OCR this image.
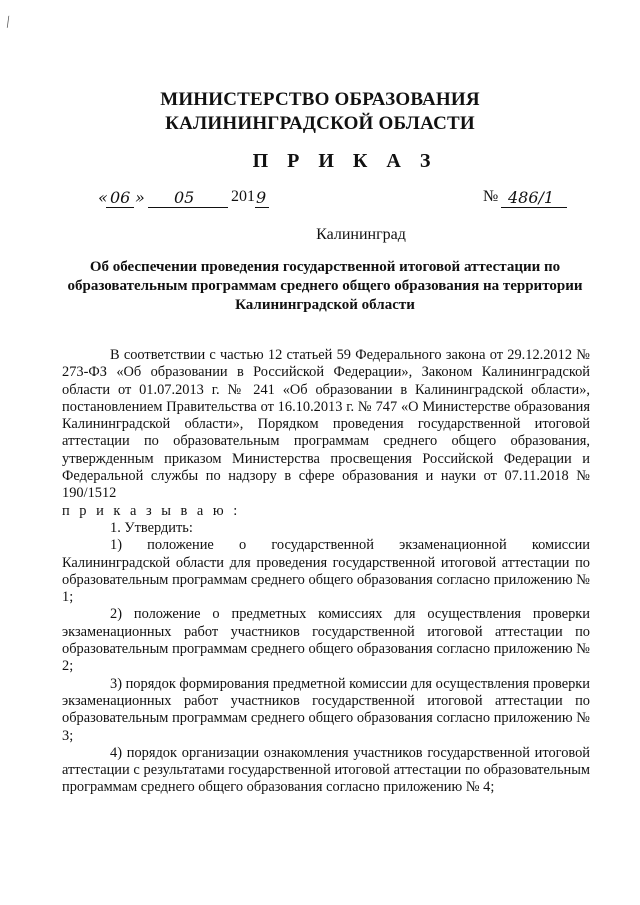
/
МИНИСТЕРСТВО ОБРАЗОВАНИЯ
КАЛИНИНГРАДСКОЙ ОБЛАСТИ
П Р И К А З
« 06 » 05 201 9	№ 486/1
Калининград
Об обеспечении проведения государственной итоговой аттестации по
образовательным программам среднего общего образования на территории
Калининградской области

В соответствии с частью 12 статьей 59 Федерального закона от 29.12.2012 № 273-ФЗ «Об образовании в Российской Федерации», Законом Калининградской области от 01.07.2013 г. № 241 «Об образовании в Калининградской области», постановлением Правительства от 16.10.2013 г. № 747 «О Министерстве образования Калининградской области», Порядком проведения государственной итоговой аттестации по образовательным программам среднего общего образования, утвержденным приказом Министерства просвещения Российской Федерации и Федеральной службы по надзору в сфере образования и науки от 07.11.2018 № 190/1512

п р и к а з ы в а ю :

1. Утвердить:

1) положение о государственной экзаменационной комиссии Калининградской области для проведения государственной итоговой аттестации по образовательным программам среднего общего образования согласно приложению № 1;

2) положение о предметных комиссиях для осуществления проверки экзаменационных работ участников государственной итоговой аттестации по образовательным программам среднего общего образования согласно приложению № 2;

3) порядок формирования предметной комиссии для осуществления проверки экзаменационных работ участников государственной итоговой аттестации по образовательным программам среднего общего образования согласно приложению № 3;

4) порядок организации ознакомления участников государственной итоговой аттестации с результатами государственной итоговой аттестации по образовательным программам среднего общего образования согласно приложению № 4;
